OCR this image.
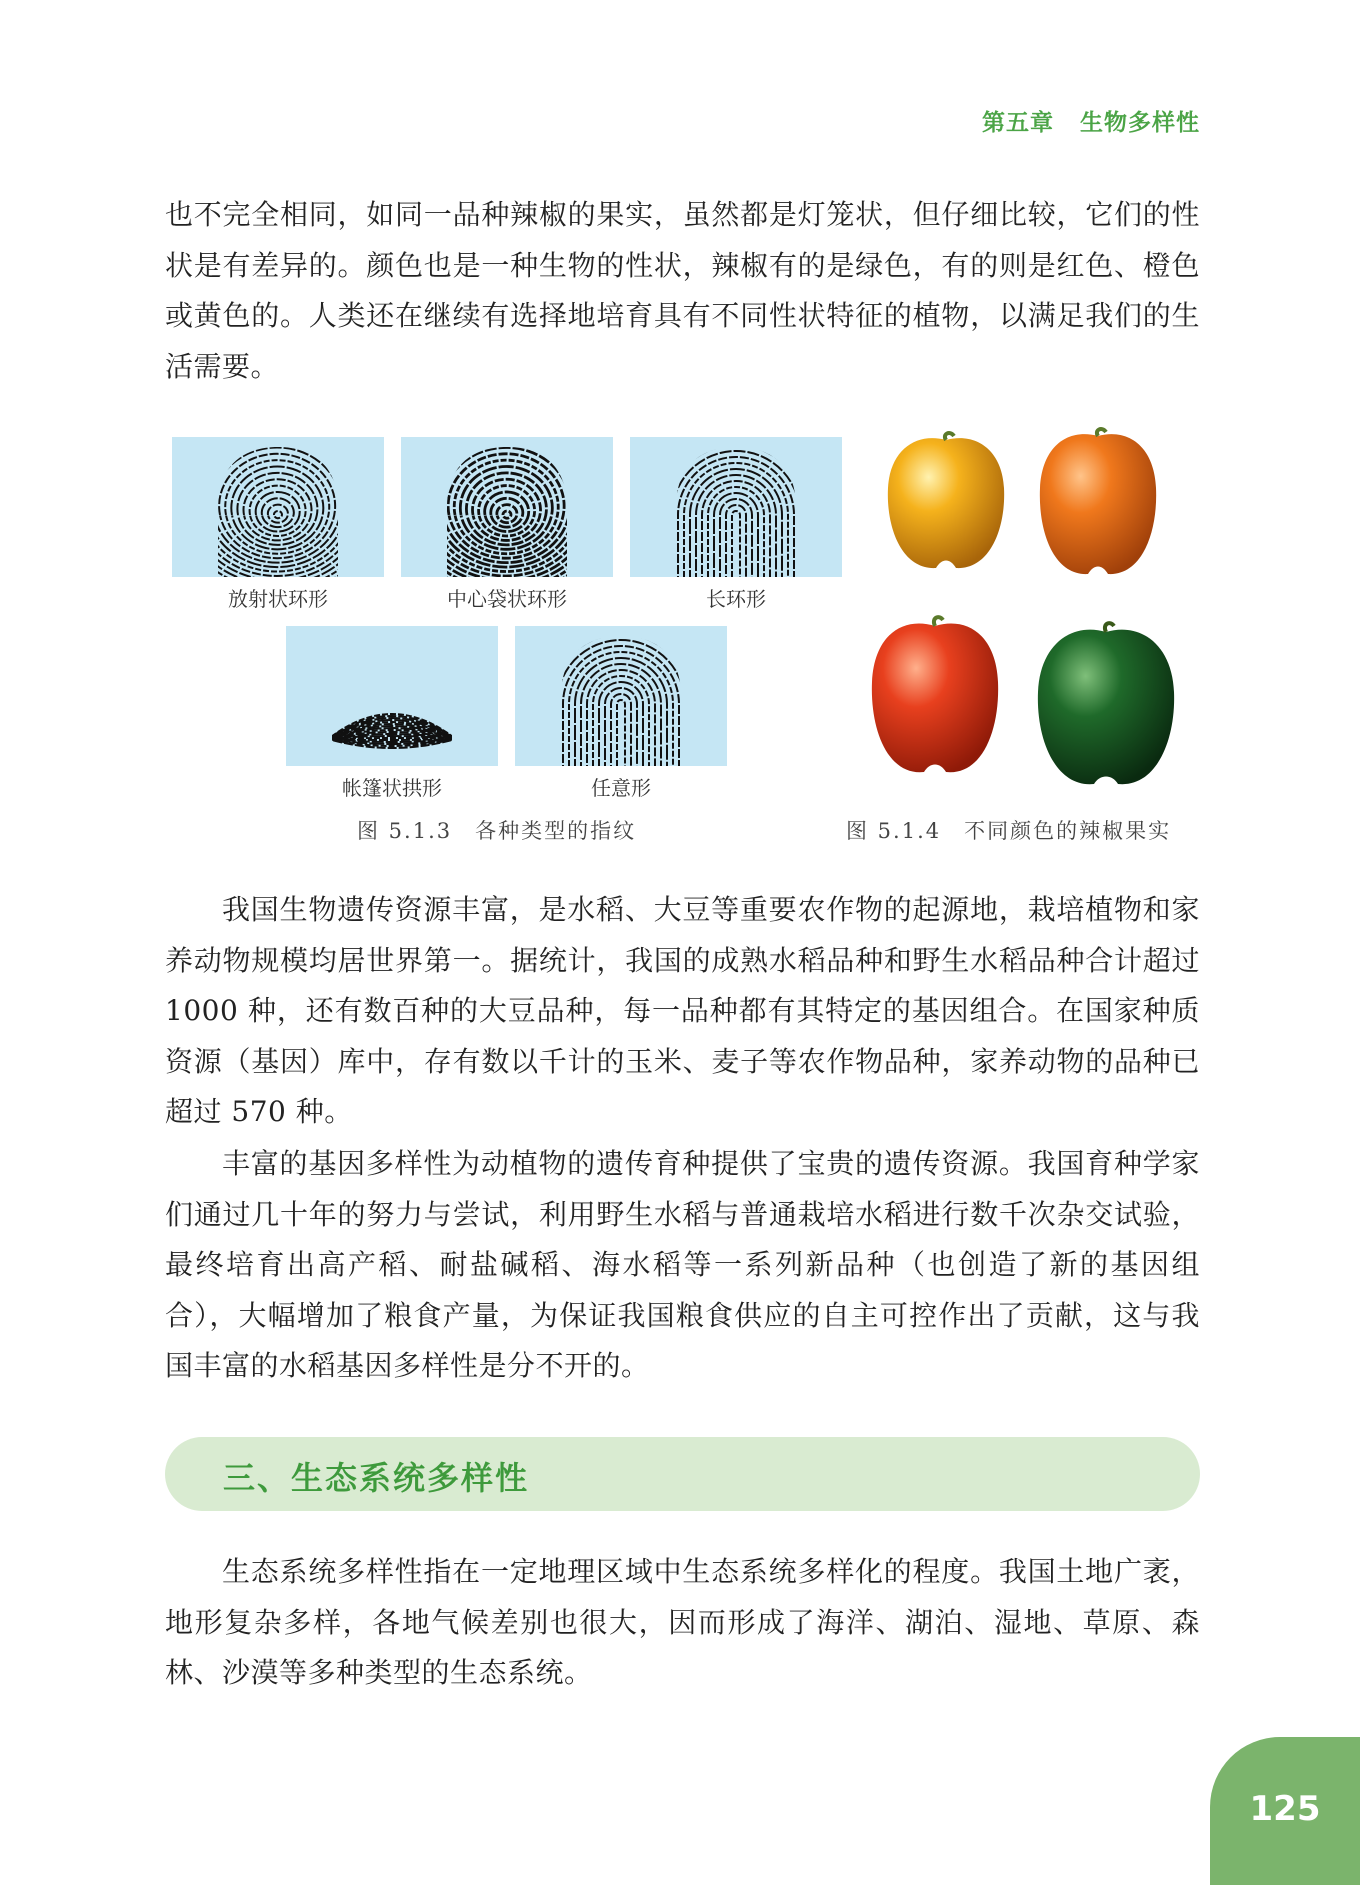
第五章 生物多样性

也不完全相同，如同一品种辣椒的果实，虽然都是灯笼状，但仔细比较，它们的性状是有差异的。颜色也是一种生物的性状，辣椒有的是绿色，有的则是红色、橙色或黄色的。人类还在继续有选择地培育具有不同性状特征的植物，以满足我们的生活需要。

放射状环形	中心袋状环形	长环形
帐篷状拱形	任意形
图 5.1.3　各种类型的指纹	图 5.1.4　不同颜色的辣椒果实

我国生物遗传资源丰富，是水稻、大豆等重要农作物的起源地，栽培植物和家养动物规模均居世界第一。据统计，我国的成熟水稻品种和野生水稻品种合计超过 1000 种，还有数百种的大豆品种，每一品种都有其特定的基因组合。在国家种质资源（基因）库中，存有数以千计的玉米、麦子等农作物品种，家养动物的品种已超过 570 种。

丰富的基因多样性为动植物的遗传育种提供了宝贵的遗传资源。我国育种学家们通过几十年的努力与尝试，利用野生水稻与普通栽培水稻进行数千次杂交试验，最终培育出高产稻、耐盐碱稻、海水稻等一系列新品种（也创造了新的基因组合），大幅增加了粮食产量，为保证我国粮食供应的自主可控作出了贡献，这与我国丰富的水稻基因多样性是分不开的。

三、生态系统多样性

生态系统多样性指在一定地理区域中生态系统多样化的程度。我国土地广袤，地形复杂多样，各地气候差别也很大，因而形成了海洋、湖泊、湿地、草原、森林、沙漠等多种类型的生态系统。

125
